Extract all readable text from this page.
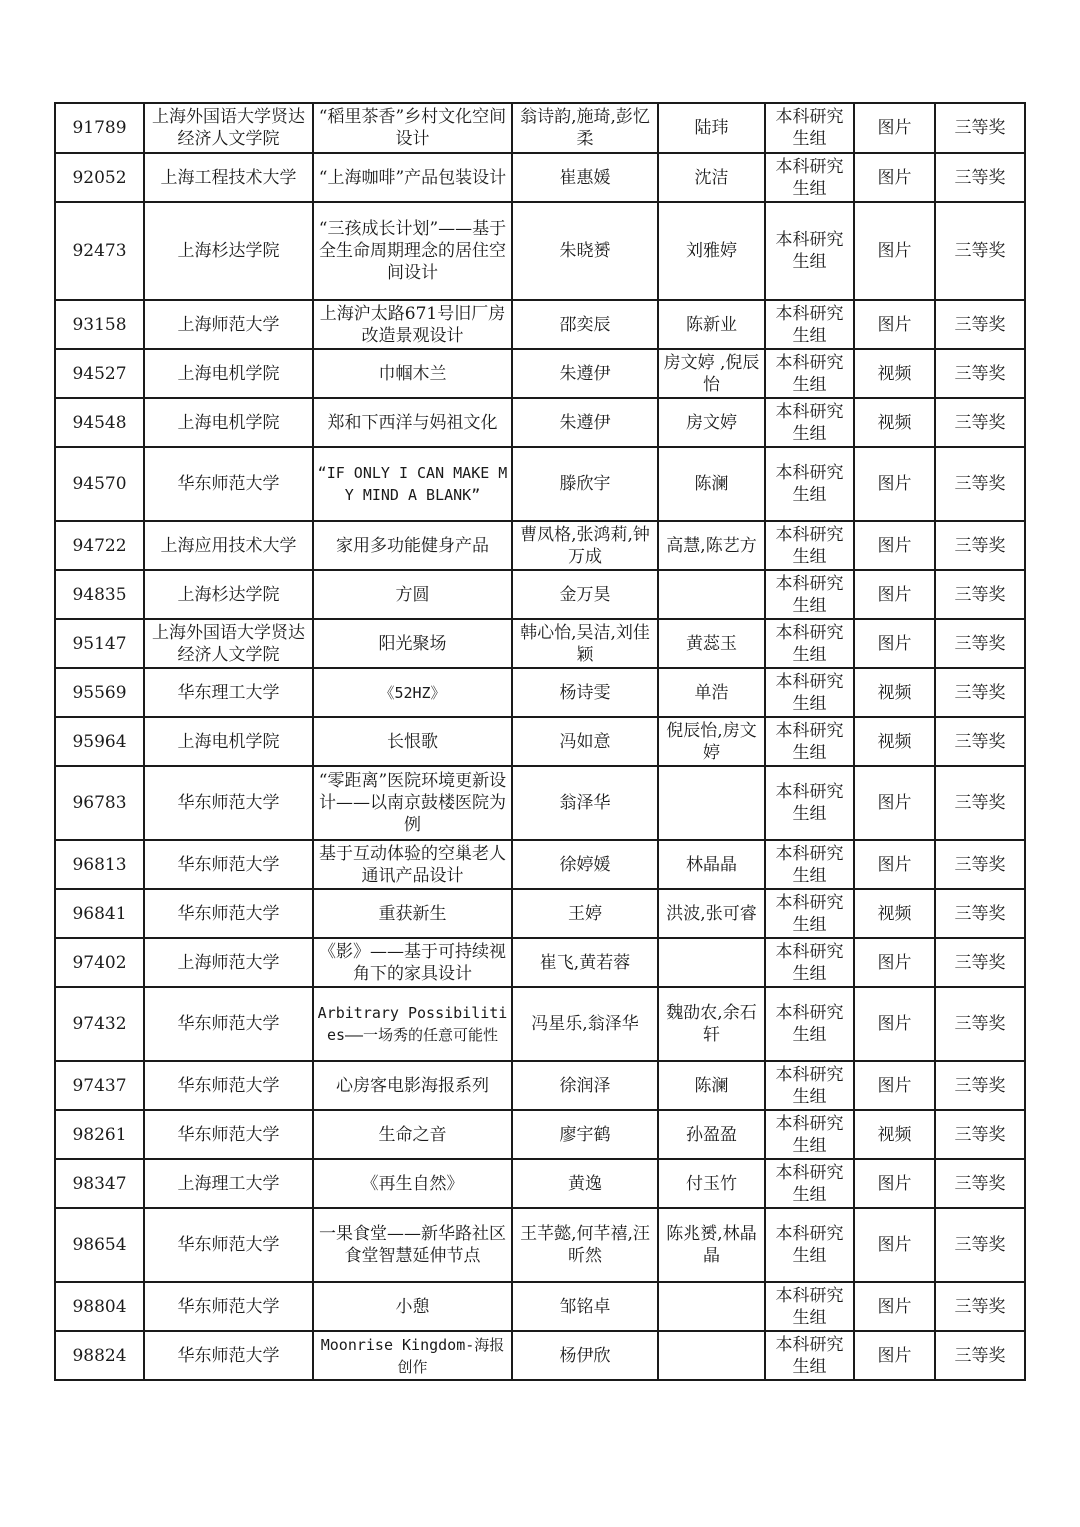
91789	上海外国语大学贤达经济人文学院	“稻里茶香”乡村文化空间设计	翁诗韵,施琦,彭忆柔	陆玮	本科研究生组	图片	三等奖
92052	上海工程技术大学	“上海咖啡”产品包装设计	崔惠媛	沈洁	本科研究生组	图片	三等奖
92473	上海杉达学院	“三孩成长计划”——基于全生命周期理念的居住空间设计	朱晓赟	刘雅婷	本科研究生组	图片	三等奖
93158	上海师范大学	上海沪太路671号旧厂房改造景观设计	邵奕辰	陈新业	本科研究生组	图片	三等奖
94527	上海电机学院	巾帼木兰	朱遵伊	房文婷 ,倪辰怡	本科研究生组	视频	三等奖
94548	上海电机学院	郑和下西洋与妈祖文化	朱遵伊	房文婷	本科研究生组	视频	三等奖
94570	华东师范大学	“IF ONLY I CAN MAKE MY MIND A BLANK”	滕欣宇	陈澜	本科研究生组	图片	三等奖
94722	上海应用技术大学	家用多功能健身产品	曹凤格,张鸿莉,钟万成	高慧,陈艺方	本科研究生组	图片	三等奖
94835	上海杉达学院	方圆	金万昊		本科研究生组	图片	三等奖
95147	上海外国语大学贤达经济人文学院	阳光聚场	韩心怡,吴洁,刘佳颖	黄蕊玉	本科研究生组	图片	三等奖
95569	华东理工大学	《52HZ》	杨诗雯	单浩	本科研究生组	视频	三等奖
95964	上海电机学院	长恨歌	冯如意	倪辰怡,房文婷	本科研究生组	视频	三等奖
96783	华东师范大学	“零距离”医院环境更新设计——以南京鼓楼医院为例	翁泽华		本科研究生组	图片	三等奖
96813	华东师范大学	基于互动体验的空巢老人通讯产品设计	徐婷媛	林晶晶	本科研究生组	图片	三等奖
96841	华东师范大学	重获新生	王婷	洪波,张可睿	本科研究生组	视频	三等奖
97402	上海师范大学	《影》——基于可持续视角下的家具设计	崔飞,黄若蓉		本科研究生组	图片	三等奖
97432	华东师范大学	Arbitrary Possibilities——一场秀的任意可能性	冯星乐,翁泽华	魏劭农,余石轩	本科研究生组	图片	三等奖
97437	华东师范大学	心房客电影海报系列	徐润泽	陈澜	本科研究生组	图片	三等奖
98261	华东师范大学	生命之音	廖宇鹤	孙盈盈	本科研究生组	视频	三等奖
98347	上海理工大学	《再生自然》	黄逸	付玉竹	本科研究生组	图片	三等奖
98654	华东师范大学	一果食堂——新华路社区食堂智慧延伸节点	王芊懿,何芊禧,汪昕然	陈兆赟,林晶晶	本科研究生组	图片	三等奖
98804	华东师范大学	小憩	邹铭卓		本科研究生组	图片	三等奖
98824	华东师范大学	Moonrise Kingdom-海报创作	杨伊欣		本科研究生组	图片	三等奖
